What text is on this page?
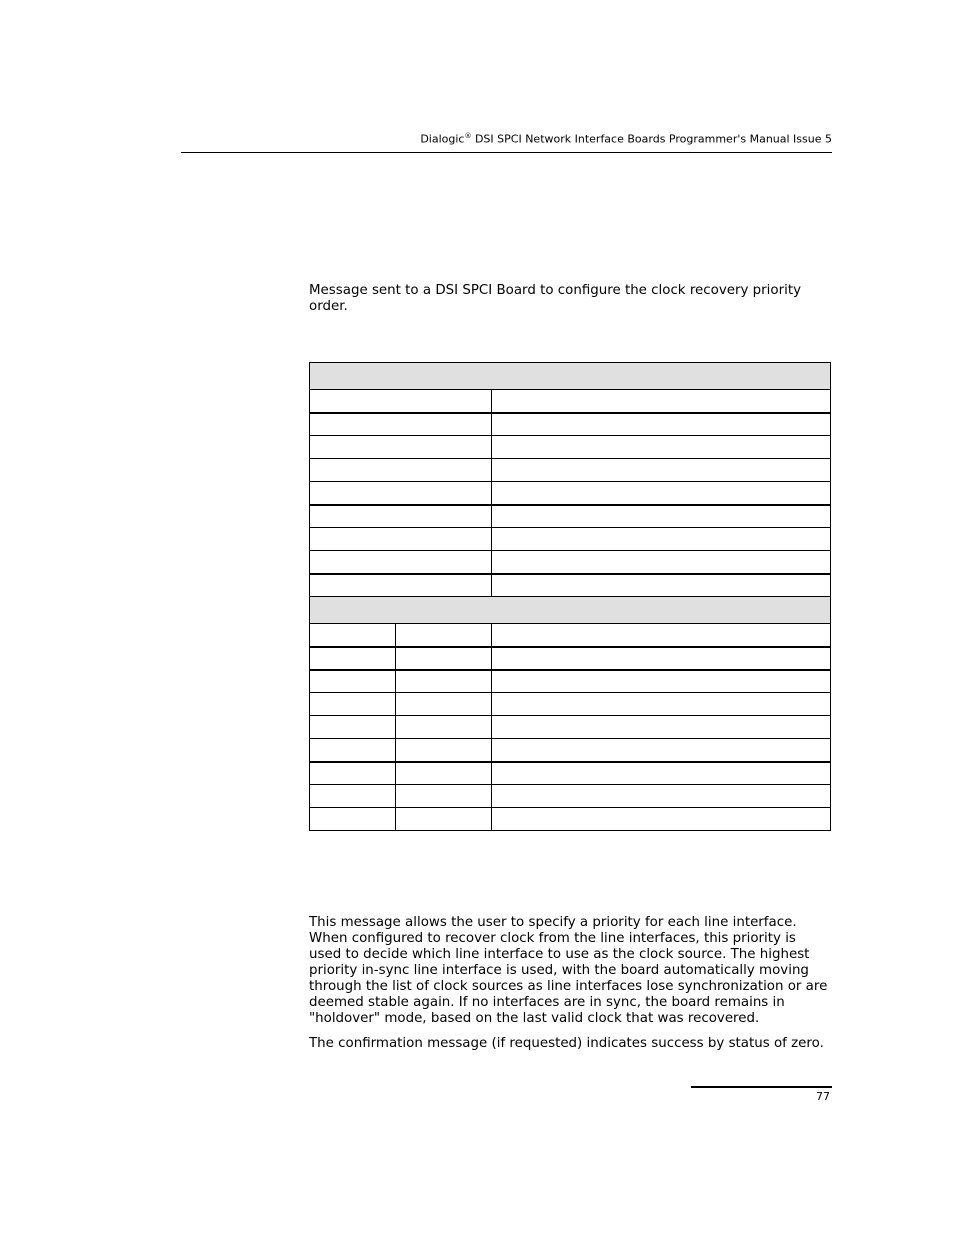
Dialogic® DSI SPCI Network Interface Boards Programmer's Manual Issue 5

Message sent to a DSI SPCI Board to configure the clock recovery priority order.

This message allows the user to specify a priority for each line interface. When configured to recover clock from the line interfaces, this priority is used to decide which line interface to use as the clock source. The highest priority in-sync line interface is used, with the board automatically moving through the list of clock sources as line interfaces lose synchronization or are deemed stable again. If no interfaces are in sync, the board remains in "holdover" mode, based on the last valid clock that was recovered.

The confirmation message (if requested) indicates success by status of zero.

77
